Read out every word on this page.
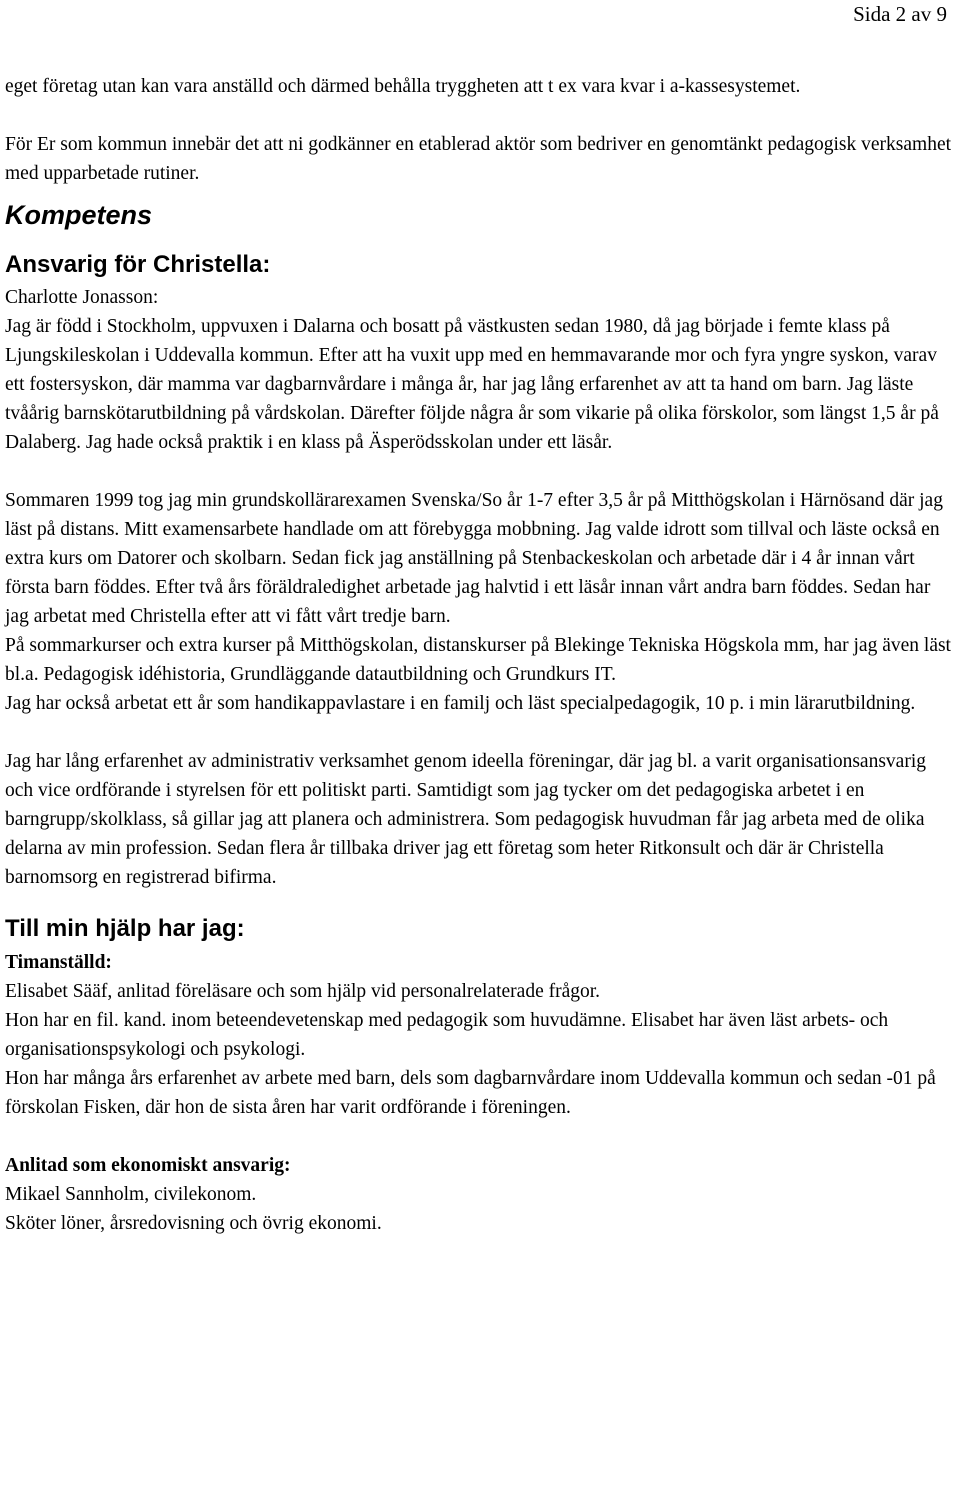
Sida 2 av 9

eget företag utan kan vara anställd och därmed behålla tryggheten att t ex vara kvar i a-kassesystemet.

För Er som kommun innebär det att ni godkänner en etablerad aktör som bedriver en genomtänkt pedagogisk verksamhet med upparbetade rutiner.

Kompetens
Ansvarig för Christella:

Charlotte Jonasson:

Jag är född i Stockholm, uppvuxen i Dalarna och bosatt på västkusten sedan 1980, då jag började i femte klass på Ljungskileskolan i Uddevalla kommun. Efter att ha vuxit upp med en hemmavarande mor och fyra yngre syskon, varav ett fostersyskon, där mamma var dagbarnvårdare i många år, har jag lång erfarenhet av att ta hand om barn. Jag läste tvåårig barnskötarutbildning på vårdskolan. Därefter följde några år som vikarie på olika förskolor, som längst 1,5 år på Dalaberg. Jag hade också praktik i en klass på Äsperödsskolan under ett läsår.

Sommaren 1999 tog jag min grundskollärarexamen Svenska/So år 1-7 efter 3,5 år på Mitthögskolan i Härnösand där jag läst på distans. Mitt examensarbete handlade om att förebygga mobbning. Jag valde idrott som tillval och läste också en extra kurs om Datorer och skolbarn. Sedan fick jag anställning på Stenbackeskolan och arbetade där i 4 år innan vårt första barn föddes. Efter två års föräldraledighet arbetade jag halvtid i ett läsår innan vårt andra barn föddes. Sedan har jag arbetat med Christella efter att vi fått vårt tredje barn.

På sommarkurser och extra kurser på Mitthögskolan, distanskurser på Blekinge Tekniska Högskola mm, har jag även läst bl.a. Pedagogisk idéhistoria, Grundläggande datautbildning och Grundkurs IT.

Jag har också arbetat ett år som handikappavlastare i en familj och läst specialpedagogik, 10 p. i min lärarutbildning.

Jag har lång erfarenhet av administrativ verksamhet genom ideella föreningar, där jag bl. a varit organisationsansvarig och vice ordförande i styrelsen för ett politiskt parti. Samtidigt som jag tycker om det pedagogiska arbetet i en barngrupp/skolklass, så gillar jag att planera och administrera. Som pedagogisk huvudman får jag arbeta med de olika delarna av min profession. Sedan flera år tillbaka driver jag ett företag som heter Ritkonsult och där är Christella barnomsorg en registrerad bifirma.

Till min hjälp har jag:

Timanställd:

Elisabet Sääf, anlitad föreläsare och som hjälp vid personalrelaterade frågor.

Hon har en fil. kand. inom beteendevetenskap med pedagogik som huvudämne. Elisabet har även läst arbets- och organisationspsykologi och psykologi.

Hon har många års erfarenhet av arbete med barn, dels som dagbarnvårdare inom Uddevalla kommun och sedan -01 på förskolan Fisken, där hon de sista åren har varit ordförande i föreningen.

Anlitad som ekonomiskt ansvarig:

Mikael Sannholm, civilekonom.

Sköter löner, årsredovisning och övrig ekonomi.
